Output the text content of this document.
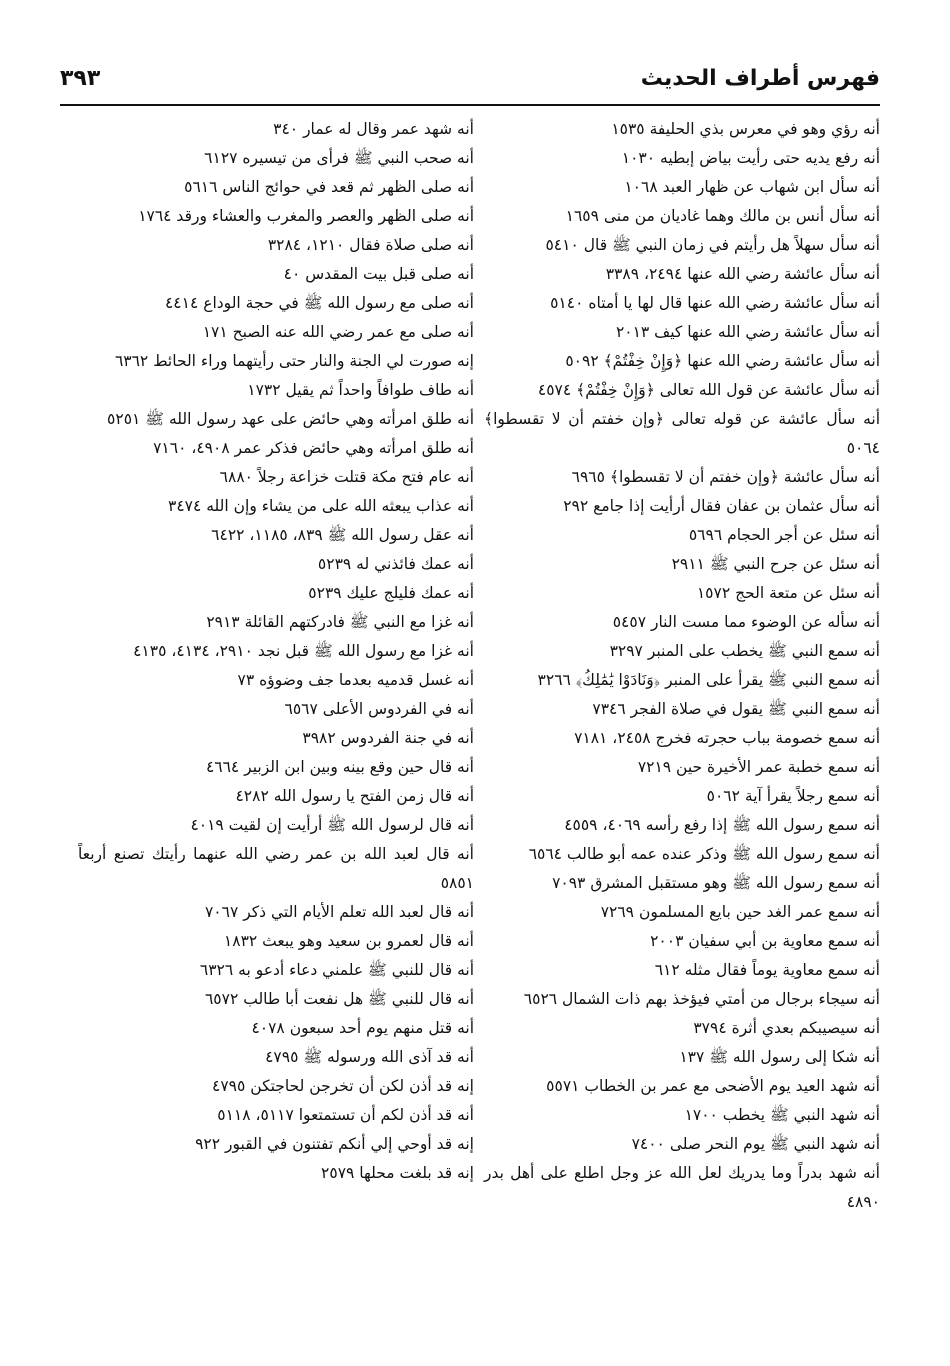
فهرس أطراف الحديث
٣٩٣
أنه رؤي وهو في معرس بذي الحليفة ١٥٣٥
أنه رفع يديه حتى رأيت بياض إبطيه ١٠٣٠
أنه سأل ابن شهاب عن ظهار العبد ١٠٦٨
أنه سأل أنس بن مالك وهما غاديان من منى ١٦٥٩
أنه سأل سهلاً هل رأيتم في زمان النبي ﷺ قال ٥٤١٠
أنه سأل عائشة رضي الله عنها ٢٤٩٤، ٣٣٨٩
أنه سأل عائشة رضي الله عنها قال لها يا أمتاه ٥١٤٠
أنه سأل عائشة رضي الله عنها كيف ٢٠١٣
أنه سأل عائشة رضي الله عنها ﴿وَإِنْ خِفْتُمْ﴾ ٥٠٩٢
أنه سأل عائشة عن قول الله تعالى ﴿وَإِنْ خِفْتُمْ﴾ ٤٥٧٤
أنه سأل عائشة عن قوله تعالى ﴿وإن خفتم أن لا تقسطوا﴾ ٥٠٦٤
أنه سأل عائشة ﴿وإن خفتم أن لا تقسطوا﴾ ٦٩٦٥
أنه سأل عثمان بن عفان فقال أرأيت إذا جامع ٢٩٢
أنه سئل عن أجر الحجام ٥٦٩٦
أنه سئل عن جرح النبي ﷺ ٢٩١١
أنه سئل عن متعة الحج ١٥٧٢
أنه سأله عن الوضوء مما مست النار ٥٤٥٧
أنه سمع النبي ﷺ يخطب على المنبر ٣٢٩٧
أنه سمع النبي ﷺ يقرأ على المنبر ﴿وَنَادَوْا يَٰمَٰلِكُ﴾ ٣٢٦٦
أنه سمع النبي ﷺ يقول في صلاة الفجر ٧٣٤٦
أنه سمع خصومة بباب حجرته فخرج ٢٤٥٨، ٧١٨١
أنه سمع خطبة عمر الأخيرة حين ٧٢١٩
أنه سمع رجلاً يقرأ آية ٥٠٦٢
أنه سمع رسول الله ﷺ إذا رفع رأسه ٤٠٦٩، ٤٥٥٩
أنه سمع رسول الله ﷺ وذكر عنده عمه أبو طالب ٦٥٦٤
أنه سمع رسول الله ﷺ وهو مستقبل المشرق ٧٠٩٣
أنه سمع عمر الغد حين بايع المسلمون ٧٢٦٩
أنه سمع معاوية بن أبي سفيان ٢٠٠٣
أنه سمع معاوية يوماً فقال مثله ٦١٢
أنه سيجاء برجال من أمتي فيؤخذ بهم ذات الشمال ٦٥٢٦
أنه سيصيبكم بعدي أثرة ٣٧٩٤
أنه شكا إلى رسول الله ﷺ ١٣٧
أنه شهد العيد يوم الأضحى مع عمر بن الخطاب ٥٥٧١
أنه شهد النبي ﷺ يخطب ١٧٠٠
أنه شهد النبي ﷺ يوم النحر صلى ٧٤٠٠
أنه شهد بدراً وما يدريك لعل الله عز وجل اطلع على أهل بدر ٤٨٩٠
أنه شهد عمر وقال له عمار ٣٤٠
أنه صحب النبي ﷺ فرأى من تيسيره ٦١٢٧
أنه صلى الظهر ثم قعد في حوائج الناس ٥٦١٦
أنه صلى الظهر والعصر والمغرب والعشاء ورقد ١٧٦٤
أنه صلى صلاة فقال ١٢١٠، ٣٢٨٤
أنه صلى قبل بيت المقدس ٤٠
أنه صلى مع رسول الله ﷺ في حجة الوداع ٤٤١٤
أنه صلى مع عمر رضي الله عنه الصبح ١٧١
إنه صورت لي الجنة والنار حتى رأيتهما وراء الحائط ٦٣٦٢
أنه طاف طوافاً واحداً ثم يقيل ١٧٣٢
أنه طلق امرأته وهي حائض على عهد رسول الله ﷺ ٥٢٥١
أنه طلق امرأته وهي حائض فذكر عمر ٤٩٠٨، ٧١٦٠
أنه عام فتح مكة قتلت خزاعة رجلاً ٦٨٨٠
أنه عذاب يبعثه الله على من يشاء وإن الله ٣٤٧٤
أنه عقل رسول الله ﷺ ٨٣٩، ١١٨٥، ٦٤٢٢
أنه عمك فائذني له ٥٢٣٩
أنه عمك فليلج عليك ٥٢٣٩
أنه غزا مع النبي ﷺ فادركتهم القائلة ٢٩١٣
أنه غزا مع رسول الله ﷺ قبل نجد ٢٩١٠، ٤١٣٤، ٤١٣٥
أنه غسل قدميه بعدما جف وضوؤه ٧٣
أنه في الفردوس الأعلى ٦٥٦٧
أنه في جنة الفردوس ٣٩٨٢
أنه قال حين وقع بينه وبين ابن الزبير ٤٦٦٤
أنه قال زمن الفتح يا رسول الله ٤٢٨٢
أنه قال لرسول الله ﷺ أرأيت إن لقيت ٤٠١٩
أنه قال لعبد الله بن عمر رضي الله عنهما رأيتك تصنع أربعاً ٥٨٥١
أنه قال لعبد الله تعلم الأيام التي ذكر ٧٠٦٧
أنه قال لعمرو بن سعيد وهو يبعث ١٨٣٢
أنه قال للنبي ﷺ علمني دعاء أدعو به ٦٣٢٦
أنه قال للنبي ﷺ هل نفعت أبا طالب ٦٥٧٢
أنه قتل منهم يوم أحد سبعون ٤٠٧٨
أنه قد آذى الله ورسوله ﷺ ٤٧٩٥
إنه قد أذن لكن أن تخرجن لحاجتكن ٤٧٩٥
أنه قد أذن لكم أن تستمتعوا ٥١١٧، ٥١١٨
إنه قد أوحي إلي أنكم تفتنون في القبور ٩٢٢
إنه قد بلغت محلها ٢٥٧٩
